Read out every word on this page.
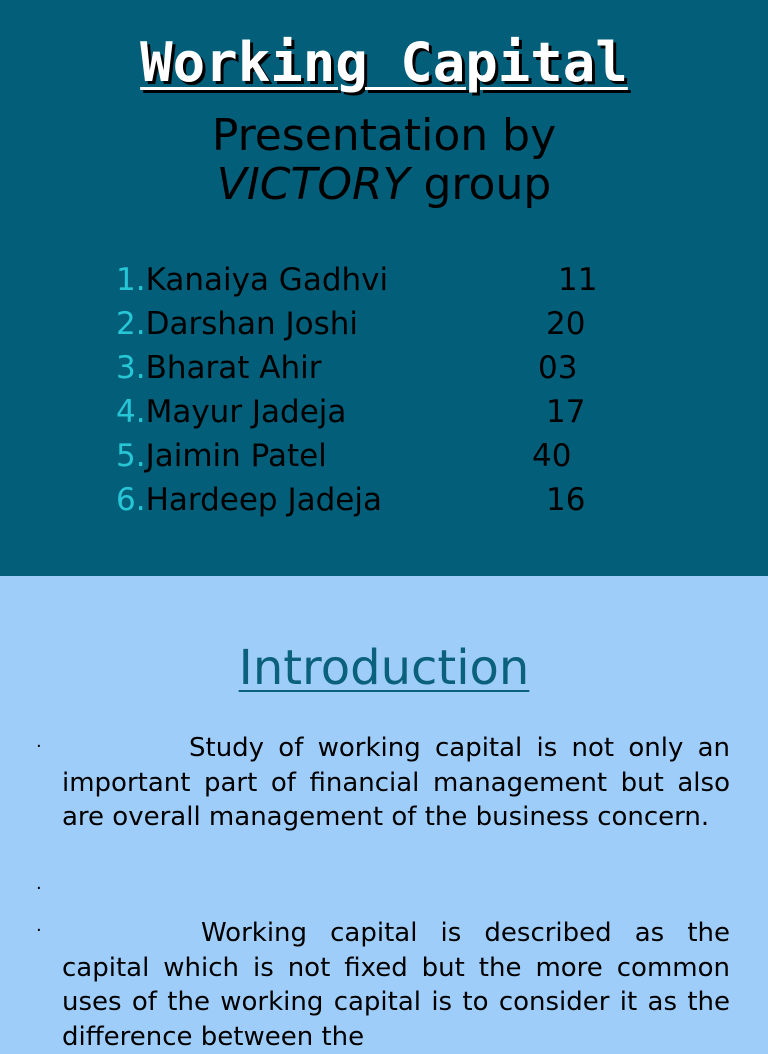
Working Capital
Presentation by
VICTORY group
1.Kanaiya Gadhvi	11
2.Darshan Joshi	20
3.Bharat Ahir	03
4.Mayur Jadeja	17
5.Jaimin Patel	40
6.Hardeep Jadeja	16
Introduction
·	Study of working capital is not only an important part of financial management but also are overall management of the business concern.
·
·	Working capital is described as the capital which is not fixed but the more common uses of the working capital is to consider it as the difference between the
